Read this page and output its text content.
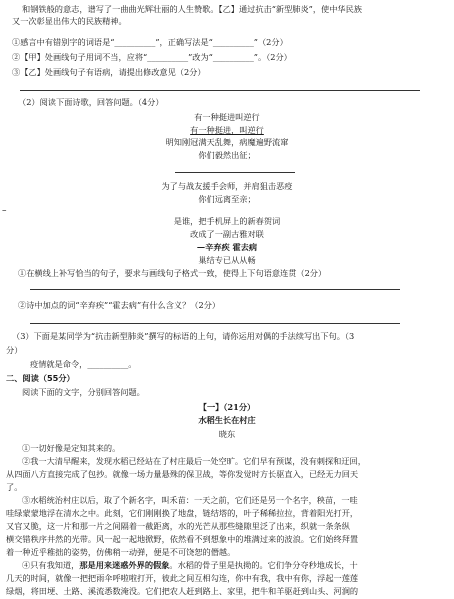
和钢铁般的意志，谱写了一曲曲光辉壮丽的人生赞歌。【乙】通过抗击“新型肺炎”，使中华民族
又一次彰显出伟大的民族精神。
①感言中有错别字的词语是“__________”，正确写法是“__________”（2分）
②【甲】处画线句子用词不当，应将“__________”改为“__________”。（2分）
③【乙】处画线句子有语病，请提出修改意见（2分）
（2）阅读下面诗歌，回答问题。（4分）
有一种挺进叫逆行
有一种挺进，叫逆行
明知刚冠满天乱舞，病魔遍野流窜
你们毅然出征；
为了与战友援手会师，并肩狙击恶疫
你们远离至亲；
–
是谁，把手机屏上的新春贺词
改成了一副古雅对联
—辛弃疾 霍去病
巢结专已从从畅
①在横线上补写恰当的句子，要求与画线句子格式一致，使得上下句语意连贯（2分）
②诗中加点的词“辛弃疾”“霍去病”有什么含义？（2分）
（3）下面是某同学为“抗击新型肺炎”撰写的标语的上句，请你运用对偶的手法续写出下句。（3
分）
疫情就是命令，__________。
二、阅读（55分）
阅读下面的文字，分别回答问题。
【一】（21分）
水稻生长在村庄
晓东
①一切好像是定知其来的。
②我一大清早醒来，发现水稻已经站在了村庄最后一处空旷。它们早有预谋，没有刺探和迂回，
从四面八方直接完成了包抄。就像一场力量悬殊的保卫战，等你发觉时方长驱直入，已经无力回天
了。
③水稻统治村庄以后，取了个新名字，叫禾苗：一天之前，它们还是另一个名字，秧苗，一哇
哇绿蒙蒙地浮在清水之中。此刻，它们刚刚换了地盘，链结塔的，叶子稀稀拉拉，背着阳光打开，
又官又脆，这一片和那一片之间隔着一截距离，水的光芒从那些缝隙里泛了出来，织就一条条纵
横交错秩序井然的光带。风一起一起地掀野，依然看不到想象中的堆满过来的波浪。它们始终拜置
着一种近乎稚拙的姿势，仿佛稍一动弹，便是不可饶恕的僭越。
④只有我知道，那是用来迷惑外界的假象。水稻的骨子里是执拗的。它们争分夺秒地成长，十
几天的时间，就像一把把雨伞呼啦啦打开，彼此之间互相勾连，你中有我，我中有你，浮起一莲莲
绿烟，将田埂、土路、溪流悉数淹没。它们把农人赶到路上、家里，把牛和羊驱赶到山头、河涧的
